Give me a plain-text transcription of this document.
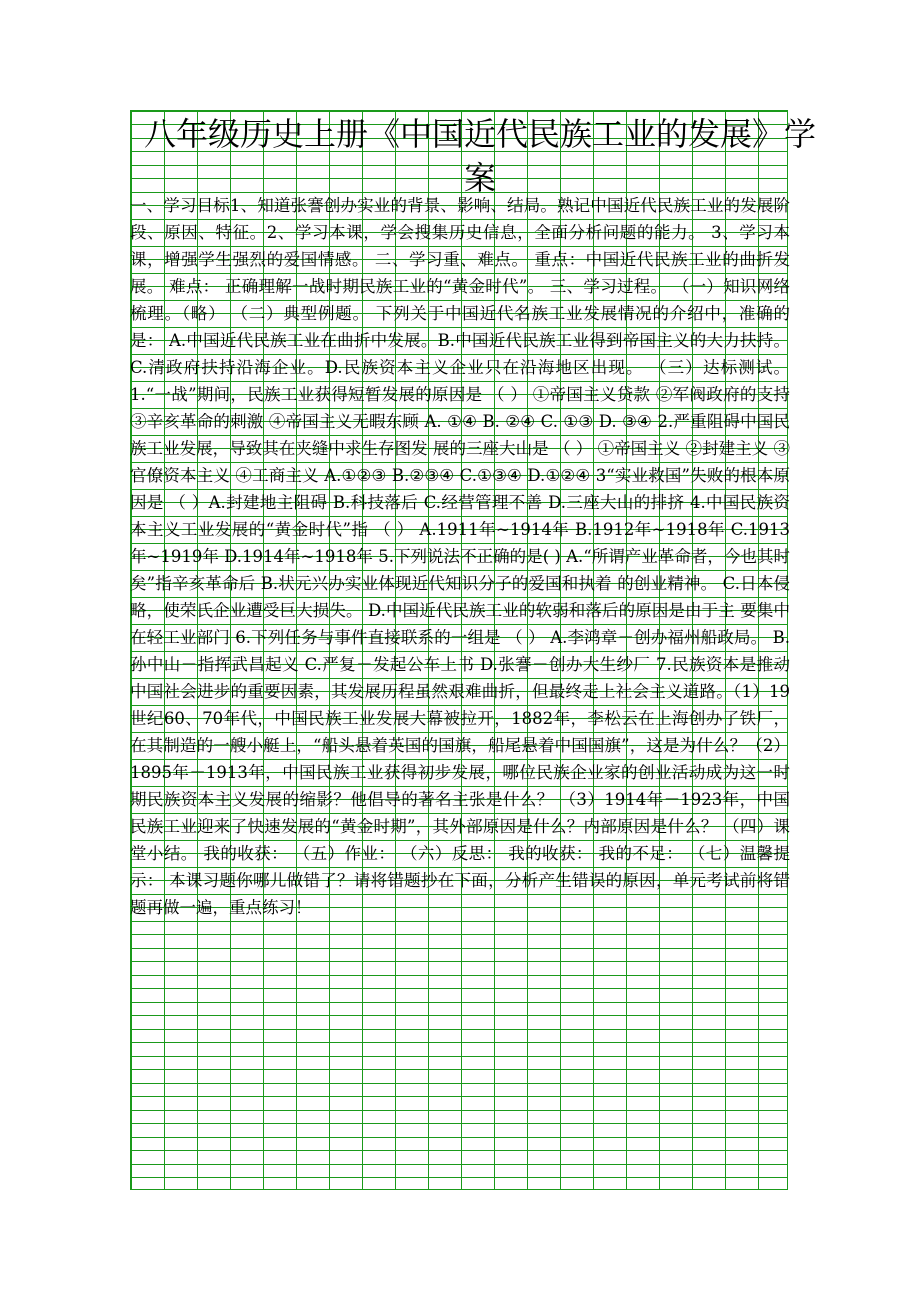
八年级历史上册《中国近代民族工业的发展》学案

一、学习目标1、知道张謇创办实业的背景、影响、结局。熟记中国近代民族工业的发展阶段、原因、特征。2、学习本课，学会搜集历史信息，全面分析问题的能力。 3、学习本课，增强学生强烈的爱国情感。 二、学习重、难点。 重点：中国近代民族工业的曲折发展。 难点： 正确理解一战时期民族工业的“黄金时代”。 三、学习过程。 （一）知识网络梳理。（略） （二）典型例题。 下列关于中国近代名族工业发展情况的介绍中，准确的是： A.中国近代民族工业在曲折中发展。B.中国近代民族工业得到帝国主义的大力扶持。C.清政府扶持沿海企业。D.民族资本主义企业只在沿海地区出现。 （三）达标测试。 1.“一战”期间，民族工业获得短暂发展的原因是 （ ） ①帝国主义贷款 ②军阀政府的支持 ③辛亥革命的刺激 ④帝国主义无暇东顾 A. ①④ B. ②④ C. ①③ D. ③④ 2.严重阻碍中国民族工业发展，导致其在夹缝中求生存图发 展的三座大山是 （ ） ①帝国主义 ②封建主义 ③官僚资本主义 ④工商主义 A.①②③ B.②③④ C.①③④ D.①②④ 3“实业救国”失败的根本原因是 （ ）A.封建地主阻碍 B.科技落后 C.经营管理不善 D.三座大山的排挤 4.中国民族资本主义工业发展的“黄金时代”指 （ ） A.1911年~1914年 B.1912年~1918年 C.1913年~1919年 D.1914年~1918年 5.下列说法不正确的是( ) A.“所谓产业革命者，今也其时矣”指辛亥革命后 B.状元兴办实业体现近代知识分子的爱国和执着 的创业精神。 C.日本侵略，使荣氏企业遭受巨大损失。 D.中国近代民族工业的软弱和落后的原因是由于主 要集中在轻工业部门 6.下列任务与事件直接联系的一组是 （ ） A.李鸿章－创办福州船政局。 B.孙中山－指挥武昌起义 C.严复－发起公车上书 D.张謇－创办大生纱厂 7.民族资本是推动中国社会进步的重要因素，其发展历程虽然艰难曲折，但最终走上社会主义道路。（1）19世纪60、70年代，中国民族工业发展大幕被拉开，1882年，李松云在上海创办了铁厂，在其制造的一艘小艇上，“船头悬着英国的国旗，船尾悬着中国国旗”，这是为什么？（2）1895年－1913年，中国民族工业获得初步发展，哪位民族企业家的创业活动成为这一时期民族资本主义发展的缩影？他倡导的著名主张是什么？ （3）1914年－1923年，中国民族工业迎来了快速发展的“黄金时期”，其外部原因是什么？内部原因是什么？ （四）课堂小结。 我的收获： （五）作业： （六）反思： 我的收获： 我的不足： （七）温馨提示： 本课习题你哪儿做错了？请将错题抄在下面，分析产生错误的原因，单元考试前将错题再做一遍，重点练习！
